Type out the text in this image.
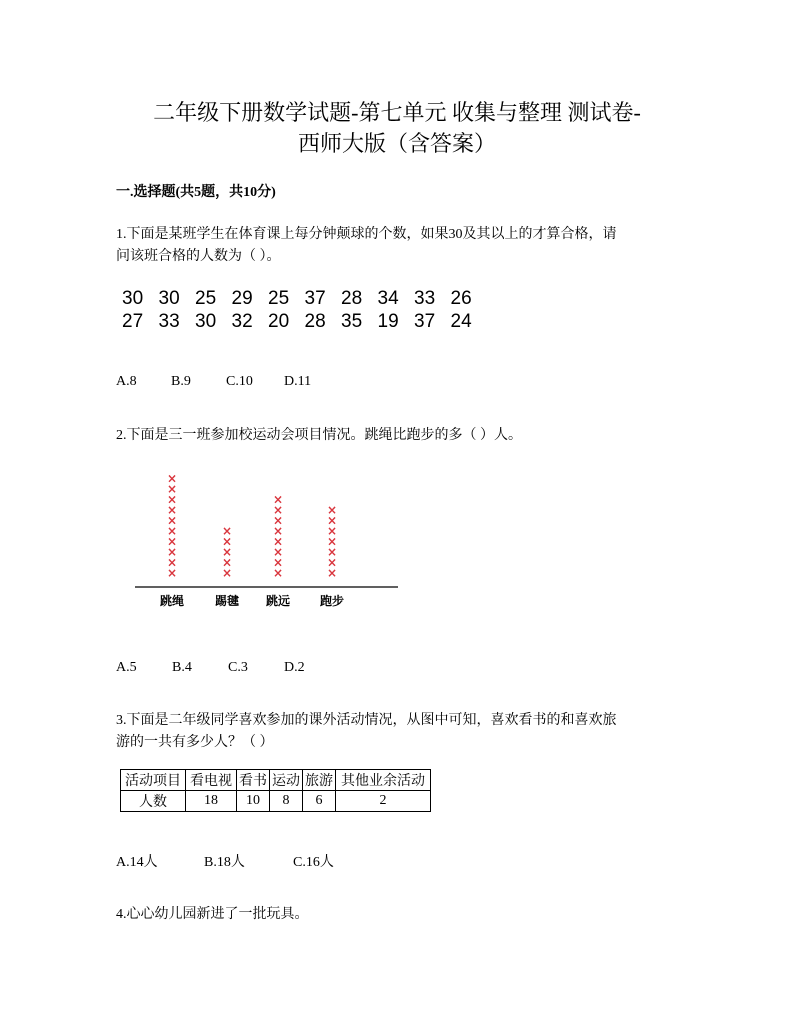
二年级下册数学试题-第七单元 收集与整理 测试卷-
西师大版（含答案）
一.选择题(共5题，共10分)
1.下面是某班学生在体育课上每分钟颠球的个数，如果30及其以上的才算合格，请
问该班合格的人数为（ ）。
30 30 25 29 25 37 28 34 33 26
27 33 30 32 20 28 35 19 37 24
A.8 B.9	C.10 D.11
2.下面是三一班参加校运动会项目情况。跳绳比跑步的多（ ）人。
×
×
×
×
×
×
×
×
×
×
×
×
×
×
×
×
×
×
×
×
×
×
×
×
×
×
×
×
×
×
跳绳	踢毽 跳远 跑步
A.5	B.4	C.3	D.2
3.下面是二年级同学喜欢参加的课外活动情况，从图中可知，喜欢看书的和喜欢旅
游的一共有多少人？（ ）
活动项目	看电视	看书	运动	旅游	其他业余活动
人数	18	10	8	6	2
A.14人	B.18人	C.16人
4.心心幼儿园新进了一批玩具。
